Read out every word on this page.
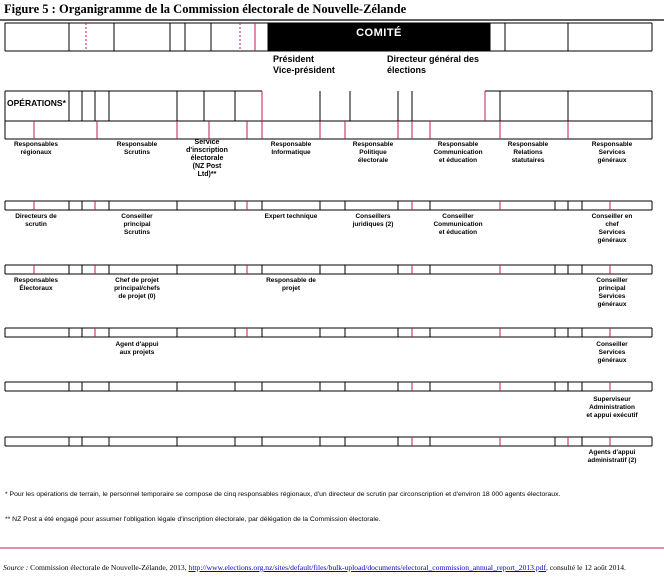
Figure 5 : Organigramme de la Commission électorale de Nouvelle-Zélande
COMITÉ
Président
Vice-président
Directeur général des
élections
OPÉRATIONS*
Responsables
régionaux
Responsable
Scrutins
Service
d'inscription
électorale
(NZ Post
Ltd)**
Responsable
Informatique
Responsable
Politique
électorale
Responsable
Communication
et éducation
Responsable
Relations
statutaires
Responsable
Services
généraux
Directeurs de
scrutin
Conseiller
principal
Scrutins
Expert technique	Conseillers
juridiques (2)
Conseiller
Communication
et éducation
Conseiller en
chef
Services
généraux
Responsables
Électoraux
Chef de projet
principal/chefs
de projet (0)
Responsable de
projet
Conseiller
principal
Services
généraux
Agent d'appui
aux projets
Conseiller
Services
généraux
Superviseur
Administration
et appui exécutif
Agents d'appui
administratif (2)
* Pour les opérations de terrain, le personnel temporaire se compose de cinq responsables régionaux, d'un directeur de scrutin par circonscription et d'environ 18 000 agents électoraux.
** NZ Post a été engagé pour assumer l'obligation légale d'inscription électorale, par délégation de la Commission électorale.
Source : Commission électorale de Nouvelle-Zélande, 2013, http://www.elections.org.nz/sites/default/files/bulk-upload/documents/electoral_commission_annual_report_2013.pdf, consulté le 12 août 2014.
